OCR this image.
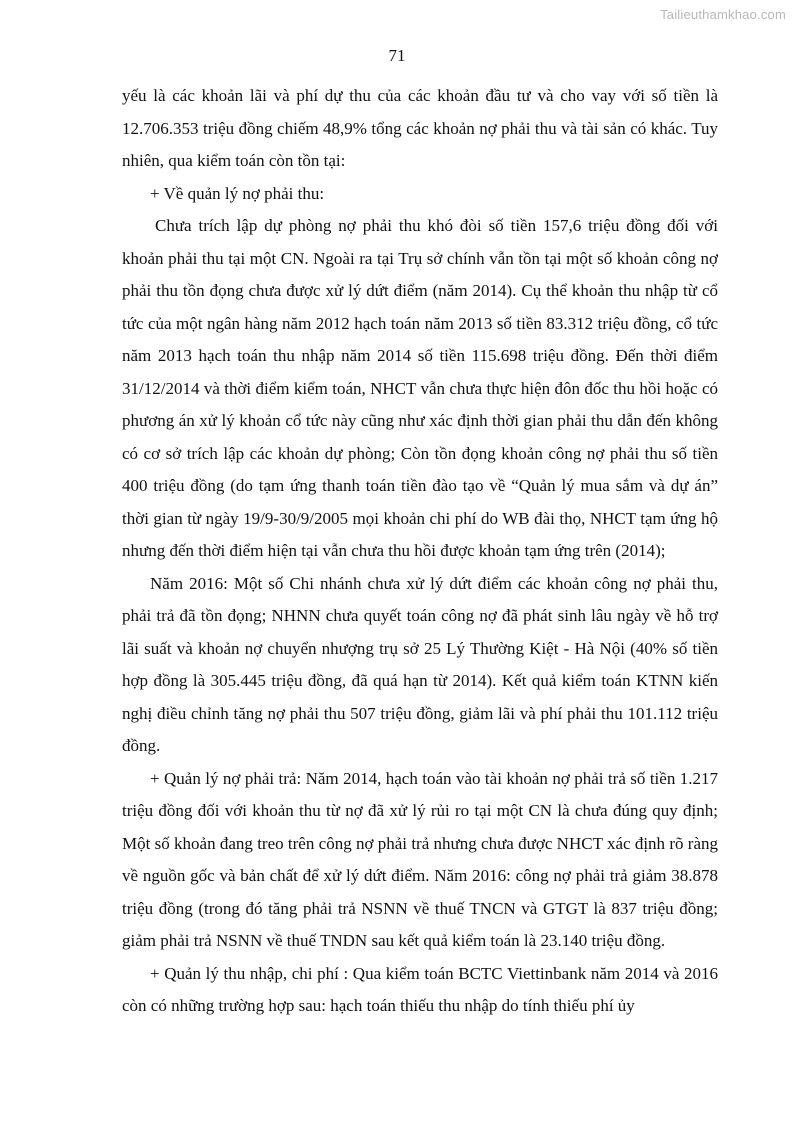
Tailieuthamkhao.com
71

yếu là các khoản lãi và phí dự thu của các khoản đầu tư và cho vay với số tiền là 12.706.353 triệu đồng chiếm 48,9% tổng các khoản nợ phải thu và tài sản có khác. Tuy nhiên, qua kiểm toán còn tồn tại:

+ Về quản lý nợ phải thu:

Chưa trích lập dự phòng nợ phải thu khó đòi số tiền 157,6 triệu đồng đối với khoản phải thu tại một CN. Ngoài ra tại Trụ sở chính vẫn tồn tại một số khoản công nợ phải thu tồn đọng chưa được xử lý dứt điểm (năm 2014). Cụ thể khoản thu nhập từ cổ tức của một ngân hàng năm 2012 hạch toán năm 2013 số tiền 83.312 triệu đồng, cổ tức năm 2013 hạch toán thu nhập năm 2014 số tiền 115.698 triệu đồng. Đến thời điểm 31/12/2014 và thời điểm kiểm toán, NHCT vẫn chưa thực hiện đôn đốc thu hồi hoặc có phương án xử lý khoản cổ tức này cũng như xác định thời gian phải thu dẫn đến không có cơ sở trích lập các khoản dự phòng; Còn tồn đọng khoản công nợ phải thu số tiền 400 triệu đồng (do tạm ứng thanh toán tiền đào tạo về “Quản lý mua sắm và dự án” thời gian từ ngày 19/9-30/9/2005 mọi khoản chi phí do WB đài thọ, NHCT tạm ứng hộ nhưng đến thời điểm hiện tại vẫn chưa thu hồi được khoản tạm ứng trên (2014);

Năm 2016: Một số Chi nhánh chưa xử lý dứt điểm các khoản công nợ phải thu, phải trả đã tồn đọng; NHNN chưa quyết toán công nợ đã phát sinh lâu ngày về hỗ trợ lãi suất và khoản nợ chuyển nhượng trụ sở 25 Lý Thường Kiệt - Hà Nội (40% số tiền hợp đồng là 305.445 triệu đồng, đã quá hạn từ 2014). Kết quả kiểm toán KTNN kiến nghị điều chỉnh tăng nợ phải thu 507 triệu đồng, giảm lãi và phí phải thu 101.112 triệu đồng.

+ Quản lý nợ phải trả: Năm 2014, hạch toán vào tài khoản nợ phải trả số tiền 1.217 triệu đồng đối với khoản thu từ nợ đã xử lý rủi ro tại một CN là chưa đúng quy định; Một số khoản đang treo trên công nợ phải trả nhưng chưa được NHCT xác định rõ ràng về nguồn gốc và bản chất để xử lý dứt điểm. Năm 2016: công nợ phải trả giảm 38.878 triệu đồng (trong đó tăng phải trả NSNN về thuế TNCN và GTGT là 837 triệu đồng; giảm phải trả NSNN về thuế TNDN sau kết quả kiểm toán là 23.140 triệu đồng.

+ Quản lý thu nhập, chi phí : Qua kiểm toán BCTC Viettinbank năm 2014 và 2016 còn có những trường hợp sau: hạch toán thiếu thu nhập do tính thiếu phí ủy
